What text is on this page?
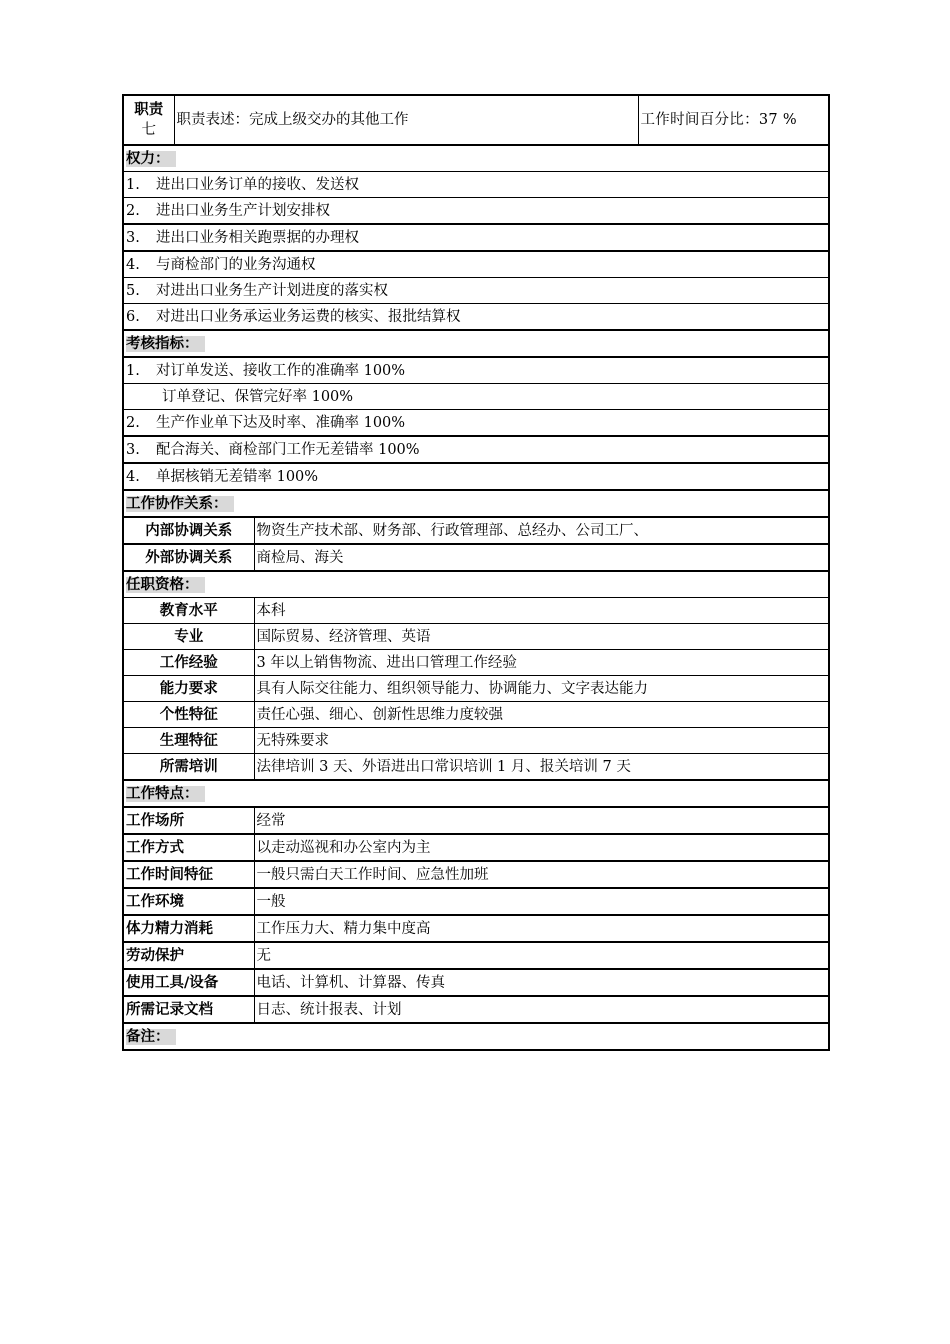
职责
七	职责表述：完成上级交办的其他工作		工作时间百分比：37 %
权力：			
1. 进出口业务订单的接收、发送权			
2. 进出口业务生产计划安排权			
3. 进出口业务相关跑票据的办理权			
4. 与商检部门的业务沟通权			
5. 对进出口业务生产计划进度的落实权			
6. 对进出口业务承运业务运费的核实、报批结算权			
考核指标：			
1. 对订单发送、接收工作的准确率 100%			
订单登记、保管完好率 100%			
2. 生产作业单下达及时率、准确率 100%			
3. 配合海关、商检部门工作无差错率 100%			
4. 单据核销无差错率 100%			
工作协作关系：			
内部协调关系		物资生产技术部、财务部、行政管理部、总经办、公司工厂、	
外部协调关系		商检局、海关	
任职资格：			
教育水平		本科	
专业		国际贸易、经济管理、英语	
工作经验		3 年以上销售物流、进出口管理工作经验	
能力要求		具有人际交往能力、组织领导能力、协调能力、文字表达能力	
个性特征		责任心强、细心、创新性思维力度较强	
生理特征		无特殊要求	
所需培训		法律培训 3 天、外语进出口常识培训 1 月、报关培训 7 天	
工作特点：			
工作场所		经常	
工作方式		以走动巡视和办公室内为主	
工作时间特征		一般只需白天工作时间、应急性加班	
工作环境		一般	
体力精力消耗		工作压力大、精力集中度高	
劳动保护		无	
使用工具/设备		电话、计算机、计算器、传真	
所需记录文档		日志、统计报表、计划	
备注：			
